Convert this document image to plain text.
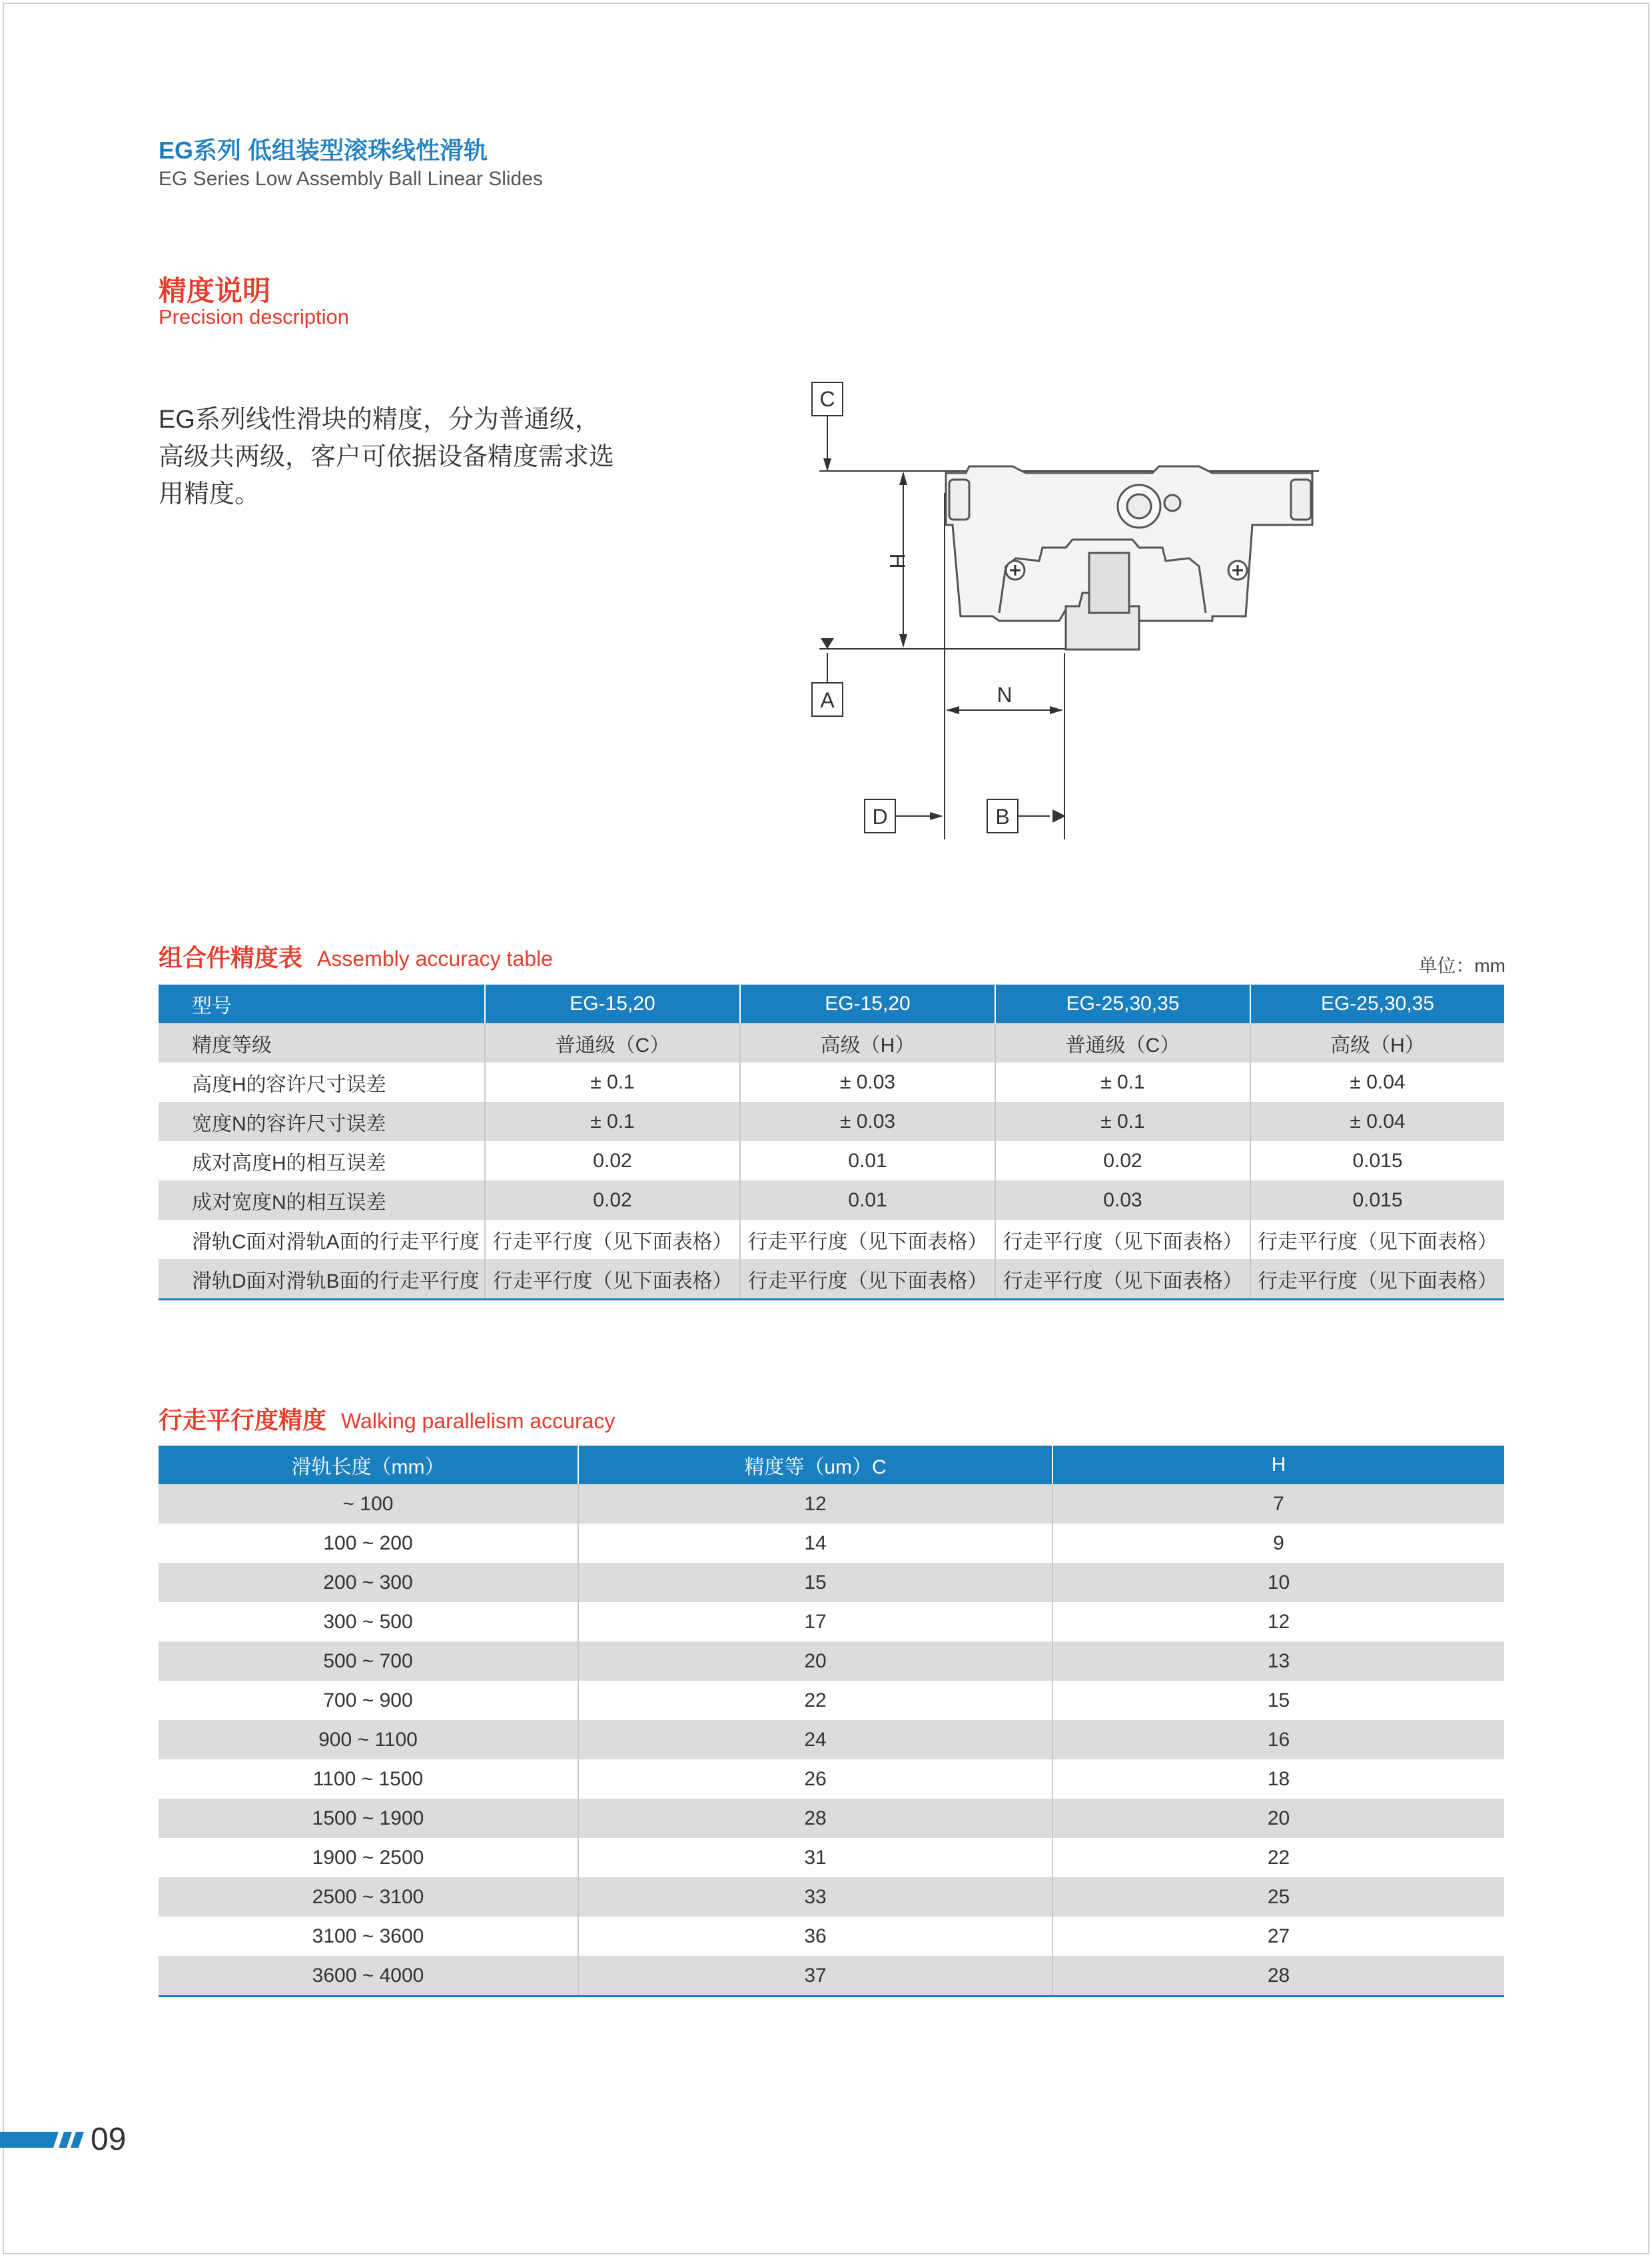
EG系列 低组装型滚珠线性滑轨
EG Series Low Assembly Ball Linear Slides
精度说明
Precision description
EG系列线性滑块的精度，分为普通级，高级共两级，客户可依据设备精度需求选用精度。
C
A	N
D	B
H
组合件精度表 Assembly accuracy table	单位：mm
型号	EG-15,20	EG-15,20	EG-25,30,35	EG-25,30,35
精度等级	普通级（C）	高级（H）	普通级（C）	高级（H）
高度H的容许尺寸误差	± 0.1	± 0.03	± 0.1	± 0.04
宽度N的容许尺寸误差	± 0.1	± 0.03	± 0.1	± 0.04
成对高度H的相互误差	0.02	0.01	0.02	0.015
成对宽度N的相互误差	0.02	0.01	0.03	0.015
滑轨C面对滑轨A面的行走平行度	行走平行度（见下面表格）	行走平行度（见下面表格）	行走平行度（见下面表格）	行走平行度（见下面表格）
滑轨D面对滑轨B面的行走平行度	行走平行度（见下面表格）	行走平行度（见下面表格）	行走平行度（见下面表格）	行走平行度（见下面表格）
行走平行度精度 Walking parallelism accuracy
滑轨长度（mm）	精度等（um）C	H
~ 100	12	7
100 ~ 200	14	9
200 ~ 300	15	10
300 ~ 500	17	12
500 ~ 700	20	13
700 ~ 900	22	15
900 ~ 1100	24	16
1100 ~ 1500	26	18
1500 ~ 1900	28	20
1900 ~ 2500	31	22
2500 ~ 3100	33	25
3100 ~ 3600	36	27
3600 ~ 4000	37	28
09
